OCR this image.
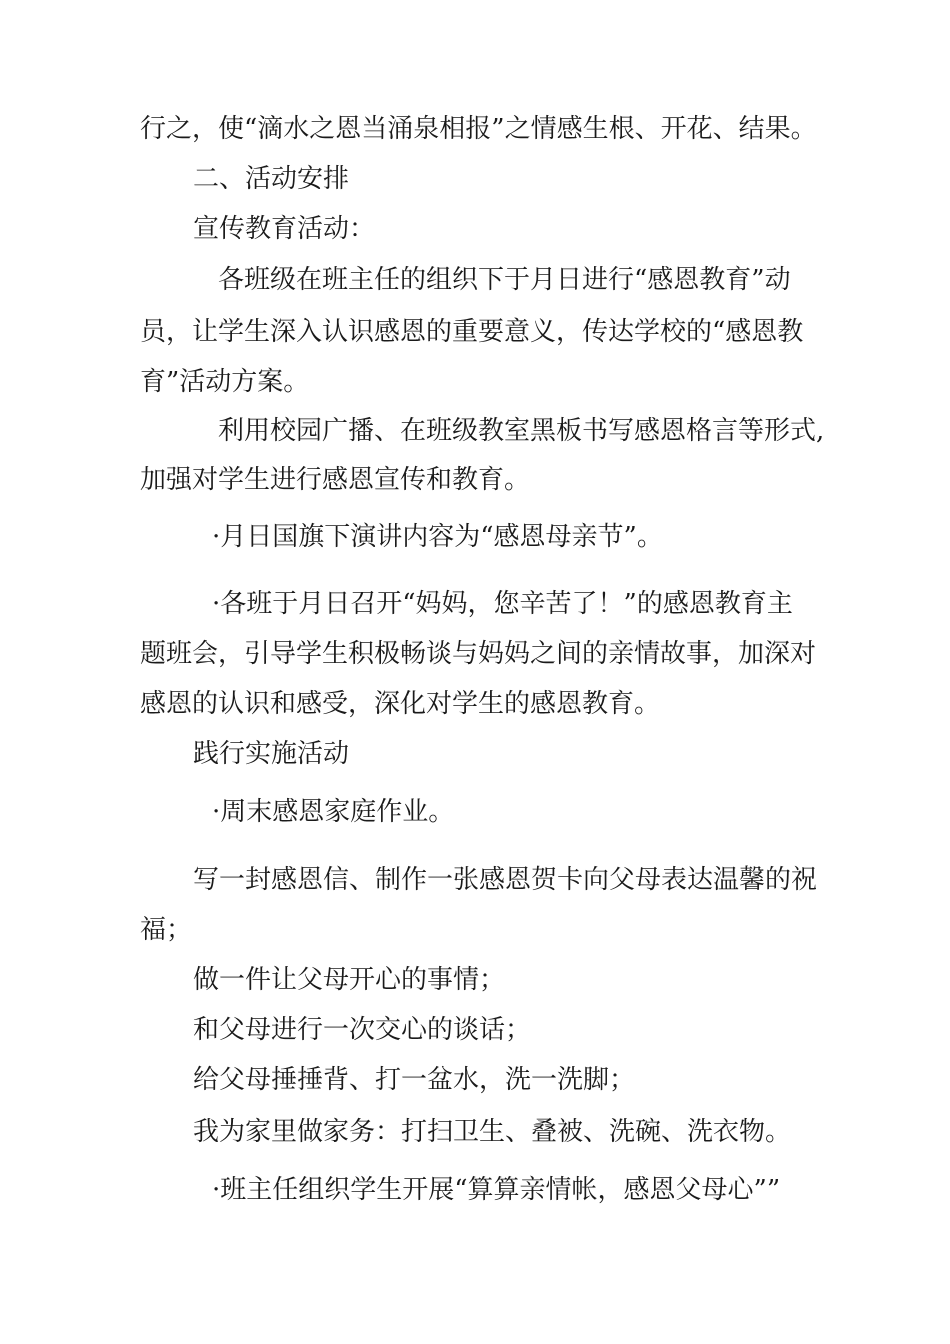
行之，使“滴水之恩当涌泉相报”之情感生根、开花、结果。
二、活动安排
宣传教育活动：
各班级在班主任的组织下于月日进行“感恩教育”动
员，让学生深入认识感恩的重要意义，传达学校的“感恩教
育”活动方案。
利用校园广播、在班级教室黑板书写感恩格言等形式,
加强对学生进行感恩宣传和教育。
·月日国旗下演讲内容为“感恩母亲节”。
·各班于月日召开“妈妈，您辛苦了！”的感恩教育主
题班会，引导学生积极畅谈与妈妈之间的亲情故事，加深对
感恩的认识和感受，深化对学生的感恩教育。
践行实施活动
·周末感恩家庭作业。
写一封感恩信、制作一张感恩贺卡向父母表达温馨的祝
福；
做一件让父母开心的事情；
和父母进行一次交心的谈话；
给父母捶捶背、打一盆水，洗一洗脚；
我为家里做家务：打扫卫生、叠被、洗碗、洗衣物。
·班主任组织学生开展“算算亲情帐，感恩父母心””
